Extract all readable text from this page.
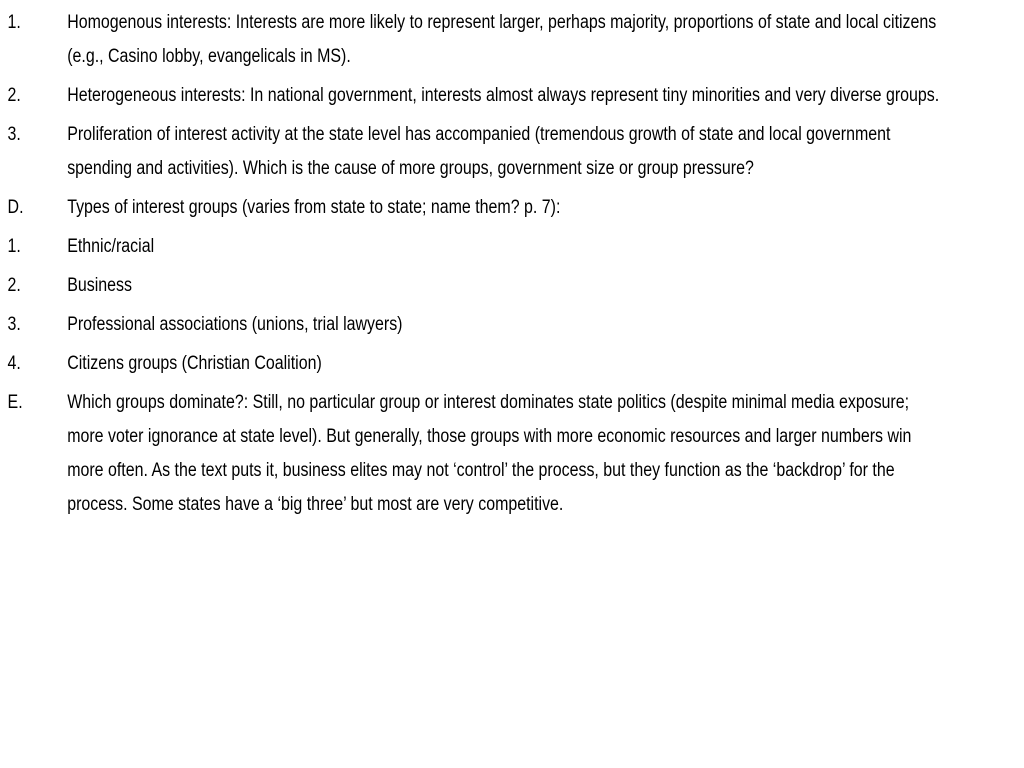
1. Homogenous interests: Interests are more likely to represent larger, perhaps majority, proportions of state and local citizens (e.g., Casino lobby, evangelicals in MS).
2. Heterogeneous interests: In national government, interests almost always represent tiny minorities and very diverse groups.
3. Proliferation of interest activity at the state level has accompanied (tremendous growth of state and local government spending and activities). Which is the cause of more groups, government size or group pressure?
D. Types of interest groups (varies from state to state; name them? p. 7):
1. Ethnic/racial
2. Business
3. Professional associations (unions, trial lawyers)
4. Citizens groups (Christian Coalition)
E. Which groups dominate?: Still, no particular group or interest dominates state politics (despite minimal media exposure; more voter ignorance at state level). But generally, those groups with more economic resources and larger numbers win more often. As the text puts it, business elites may not ‘control’ the process, but they function as the ‘backdrop’ for the process. Some states have a ‘big three’ but most are very competitive.
